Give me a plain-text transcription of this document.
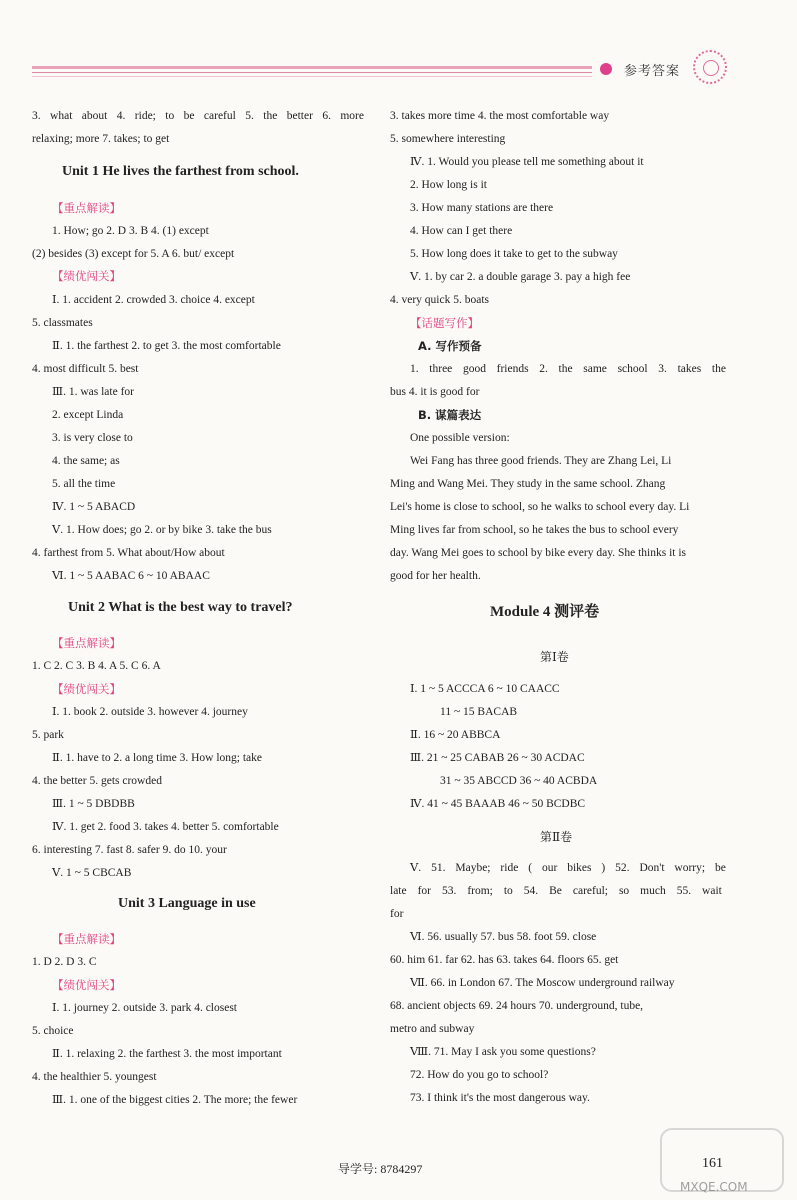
参考答案
3. what about 4. ride; to be careful 5. the better 6. more
relaxing; more 7. takes; to get
Unit 1 He lives the farthest from school.
【重点解读】
1. How; go 2. D 3. B 4. (1) except
(2) besides (3) except for 5. A 6. but/ except
【绩优闯关】
Ⅰ. 1. accident 2. crowded 3. choice 4. except
5. classmates
Ⅱ. 1. the farthest 2. to get 3. the most comfortable
4. most difficult 5. best
Ⅲ. 1. was late for
2. except Linda
3. is very close to
4. the same; as
5. all the time
Ⅳ. 1 ~ 5 ABACD
Ⅴ. 1. How does; go 2. or by bike 3. take the bus
4. farthest from 5. What about/How about
Ⅵ. 1 ~ 5 AABAC 6 ~ 10 ABAAC
Unit 2 What is the best way to travel?
【重点解读】
1. C 2. C 3. B 4. A 5. C 6. A
【绩优闯关】
Ⅰ. 1. book 2. outside 3. however 4. journey
5. park
Ⅱ. 1. have to 2. a long time 3. How long; take
4. the better 5. gets crowded
Ⅲ. 1 ~ 5 DBDBB
Ⅳ. 1. get 2. food 3. takes 4. better 5. comfortable
6. interesting 7. fast 8. safer 9. do 10. your
Ⅴ. 1 ~ 5 CBCAB
Unit 3 Language in use
【重点解读】
1. D 2. D 3. C
【绩优闯关】
Ⅰ. 1. journey 2. outside 3. park 4. closest
5. choice
Ⅱ. 1. relaxing 2. the farthest 3. the most important
4. the healthier 5. youngest
Ⅲ. 1. one of the biggest cities 2. The more; the fewer
3. takes more time 4. the most comfortable way
5. somewhere interesting
Ⅳ. 1. Would you please tell me something about it
2. How long is it
3. How many stations are there
4. How can I get there
5. How long does it take to get to the subway
Ⅴ. 1. by car 2. a double garage 3. pay a high fee
4. very quick 5. boats
【话题写作】
A. 写作预备
1. three good friends 2. the same school 3. takes the
bus 4. it is good for
B. 谋篇表达
One possible version:
Wei Fang has three good friends. They are Zhang Lei, Li
Ming and Wang Mei. They study in the same school. Zhang
Lei's home is close to school, so he walks to school every day. Li
Ming lives far from school, so he takes the bus to school every
day. Wang Mei goes to school by bike every day. She thinks it is
good for her health.
Module 4 测评卷
第Ⅰ卷
Ⅰ. 1 ~ 5 ACCCA 6 ~ 10 CAACC
11 ~ 15 BACAB
Ⅱ. 16 ~ 20 ABBCA
Ⅲ. 21 ~ 25 CABAB 26 ~ 30 ACDAC
31 ~ 35 ABCCD 36 ~ 40 ACBDA
Ⅳ. 41 ~ 45 BAAAB 46 ~ 50 BCDBC
第Ⅱ卷
Ⅴ. 51. Maybe; ride ( our bikes ) 52. Don't worry; be
late for 53. from; to 54. Be careful; so much 55. wait
for
Ⅵ. 56. usually 57. bus 58. foot 59. close
60. him 61. far 62. has 63. takes 64. floors 65. get
Ⅶ. 66. in London 67. The Moscow underground railway
68. ancient objects 69. 24 hours 70. underground, tube,
metro and subway
Ⅷ. 71. May I ask you some questions?
72. How do you go to school?
73. I think it's the most dangerous way.
导学号: 8784297	161
MXQE.COM
